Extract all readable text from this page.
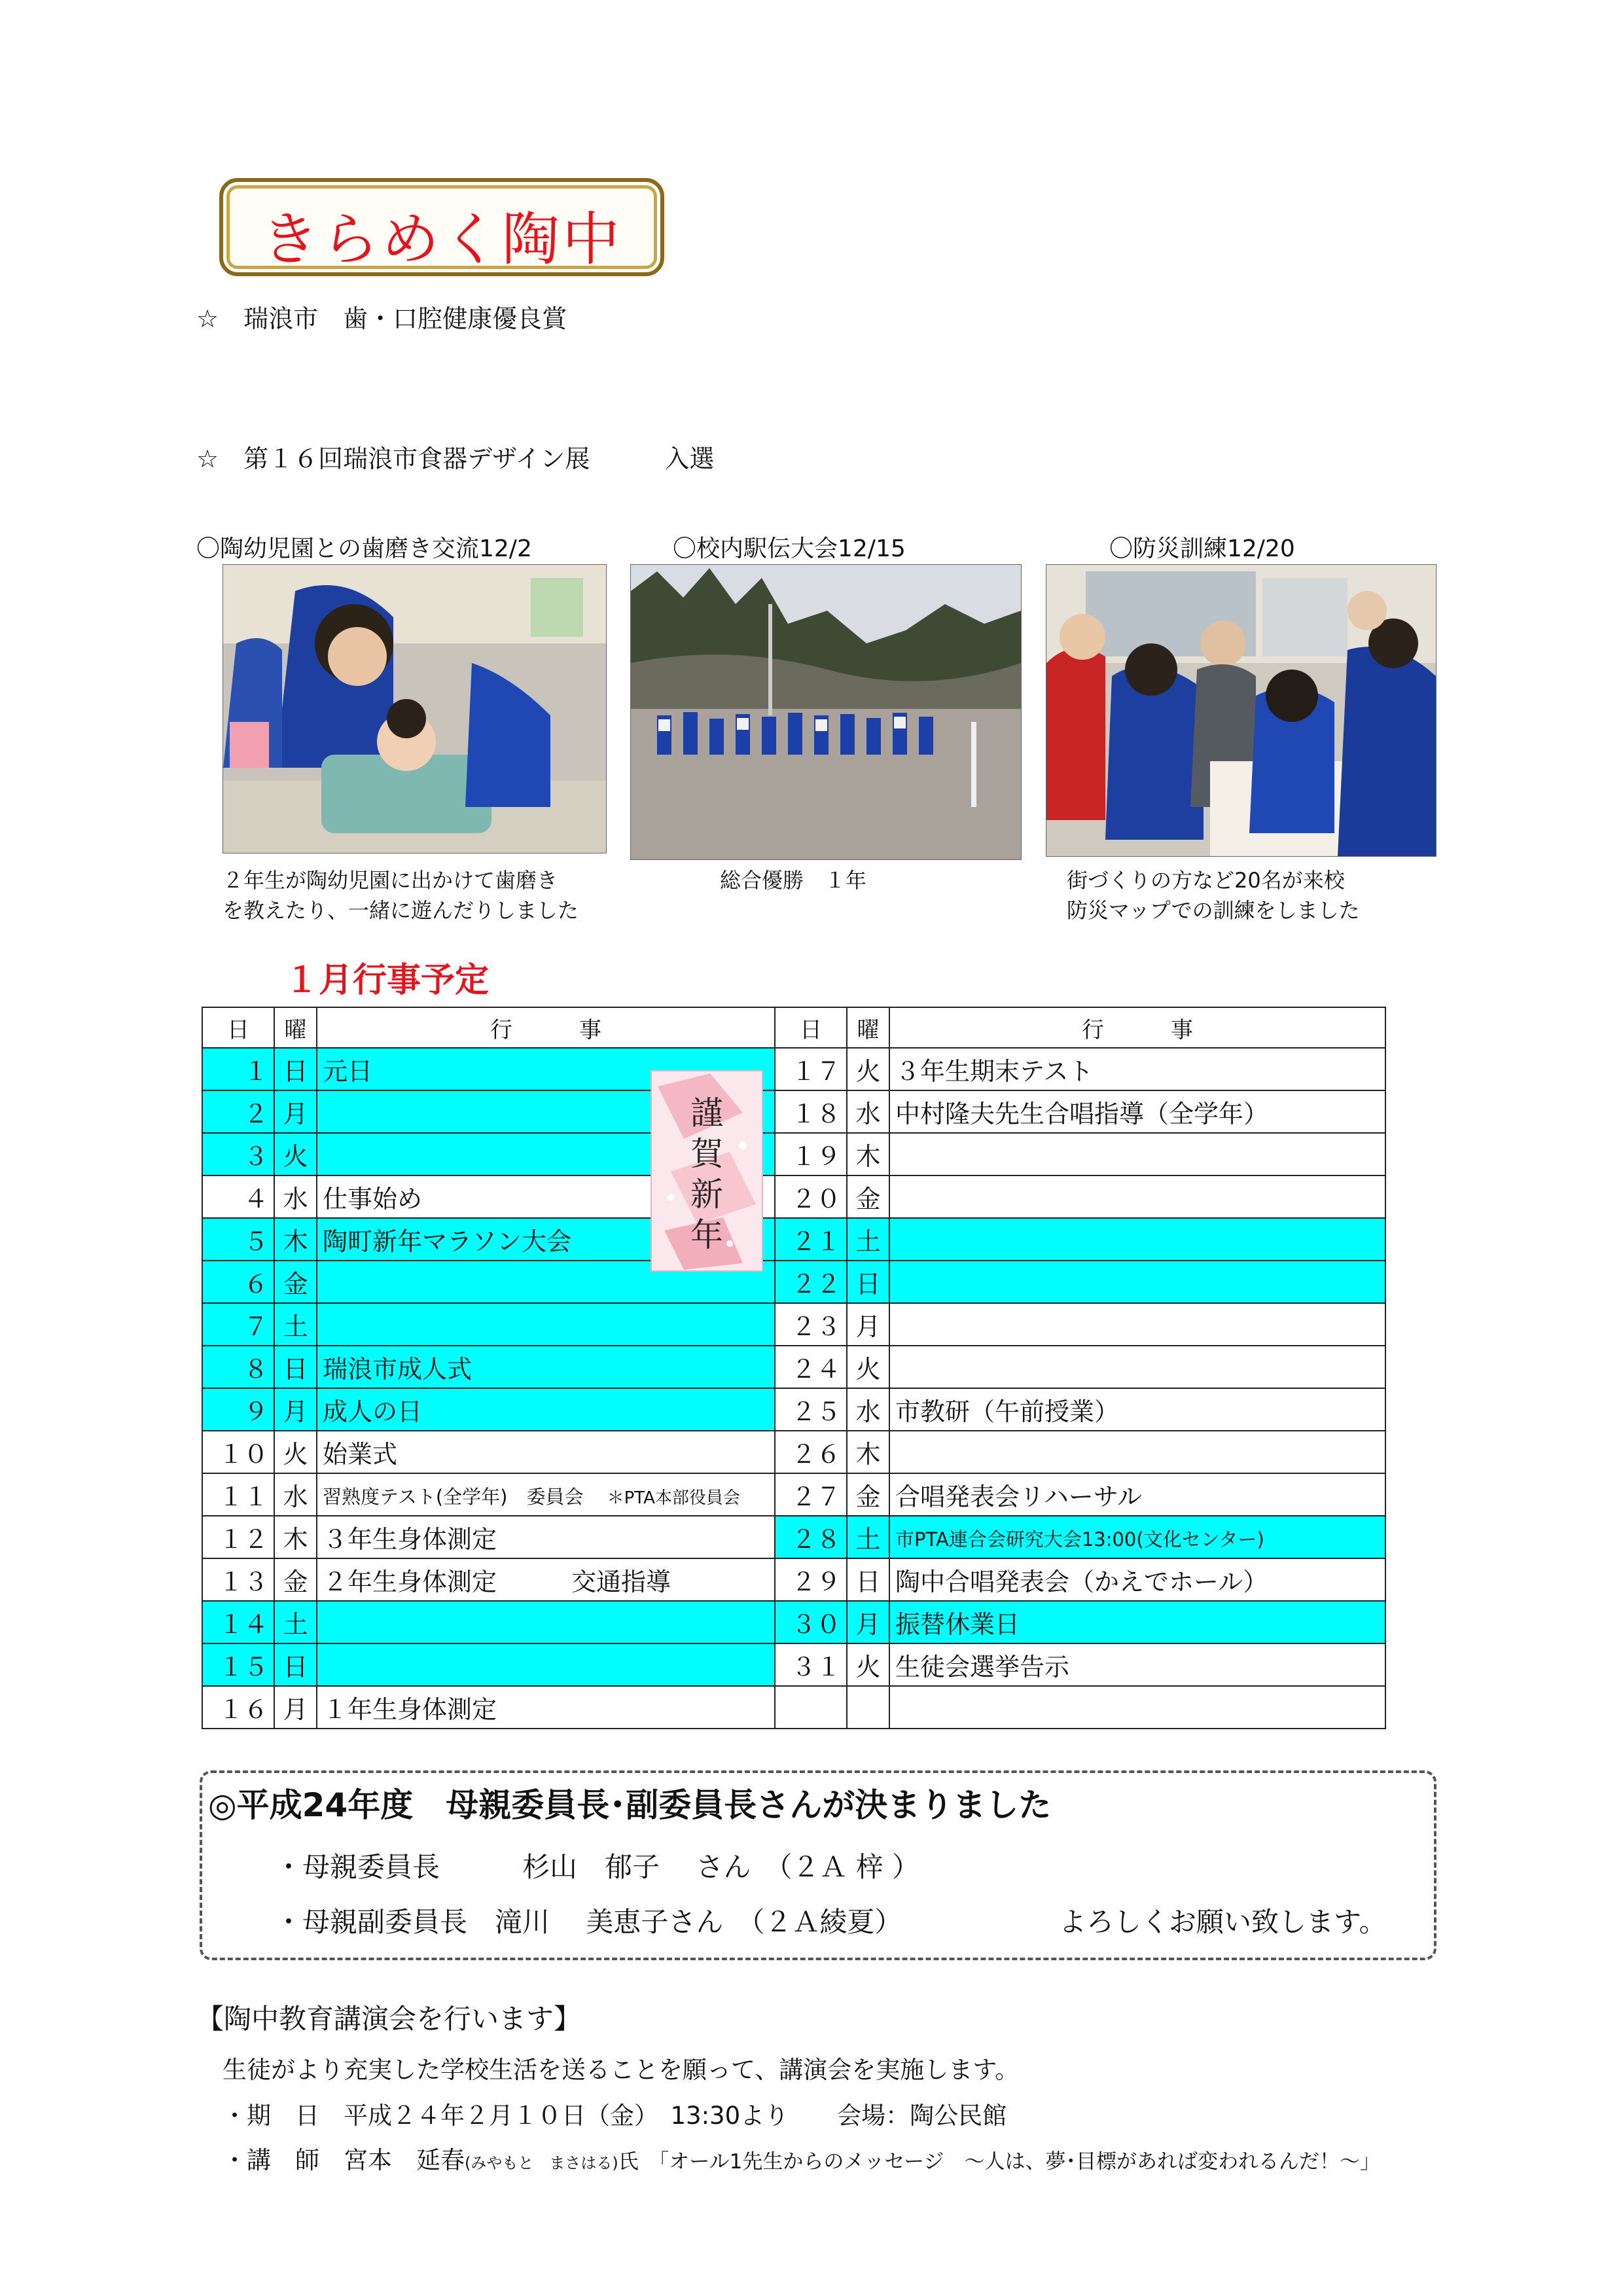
きらめく陶中
☆　瑞浪市　歯・口腔健康優良賞
☆　第１６回瑞浪市食器デザイン展　　　入選
〇陶幼児園との歯磨き交流12/2	〇校内駅伝大会12/15	〇防災訓練12/20
２年生が陶幼児園に出かけて歯磨き
を教えたり、一緒に遊んだりしました
総合優勝　１年	街づくりの方など20名が来校
防災マップでの訓練をしました
１月行事予定
日	曜	行　　　事	日	曜	行　　　事
１	日	元日	１７	火	３年生期末テスト
２	月		１８	水	中村隆夫先生合唱指導（全学年）
３	火		１９	木	
４	水	仕事始め	２０	金	
５	木	陶町新年マラソン大会	２１	土	
６	金		２２	日	
７	土		２３	月	
８	日	瑞浪市成人式	２４	火	
９	月	成人の日	２５	水	市教研（午前授業）
１０	火	始業式	２６	木	
１１	水	習熟度テスト(全学年)　委員会 ＊PTA本部役員会	２７	金	合唱発表会リハーサル
１２	木	３年生身体測定	２８	土	市PTA連合会研究大会13:00(文化センター)
１３	金	２年生身体測定　　　交通指導	２９	日	陶中合唱発表会（かえでホール）
１４	土		３０	月	振替休業日
１５	日		３１	火	生徒会選挙告示
１６	月	１年生身体測定			
謹
賀
新
年
◎平成24年度　母親委員長･副委員長さんが決まりました
・母親委員長　　　杉山　郁子　 さん　（２Ａ 梓 ）
・母親副委員長　滝川　 美恵子さん　（２Ａ綾夏）	よろしくお願い致します。
【陶中教育講演会を行います】
生徒がより充実した学校生活を送ることを願って、講演会を実施します。
・期　日　平成２４年２月１０日（金）　13:30より　　会場：陶公民館
・講　師　宮本　延春(みやもと　まさはる)氏　「オール1先生からのメッセージ　～人は、夢･目標があれば変われるんだ！～」
